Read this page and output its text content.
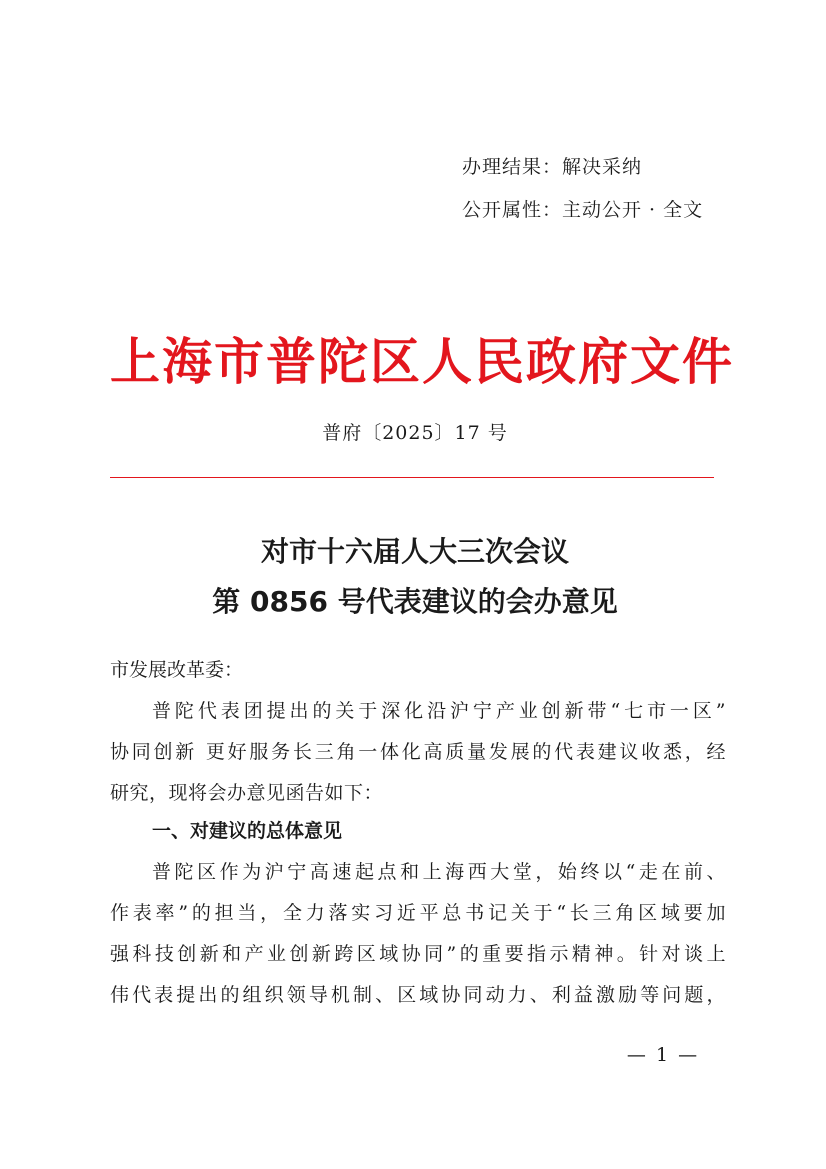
办理结果：解决采纳
公开属性：主动公开 · 全文
上海市普陀区人民政府文件
普府〔2025〕17 号
对市十六届人大三次会议
第 0856 号代表建议的会办意见
市发展改革委：
普陀代表团提出的关于深化沿沪宁产业创新带“七市一区”
协同创新 更好服务长三角一体化高质量发展的代表建议收悉，经
研究，现将会办意见函告如下：
一、对建议的总体意见
普陀区作为沪宁高速起点和上海西大堂，始终以“走在前、
作表率”的担当，全力落实习近平总书记关于“长三角区域要加
强科技创新和产业创新跨区域协同”的重要指示精神。针对谈上
伟代表提出的组织领导机制、区域协同动力、利益激励等问题，
— 1 —
